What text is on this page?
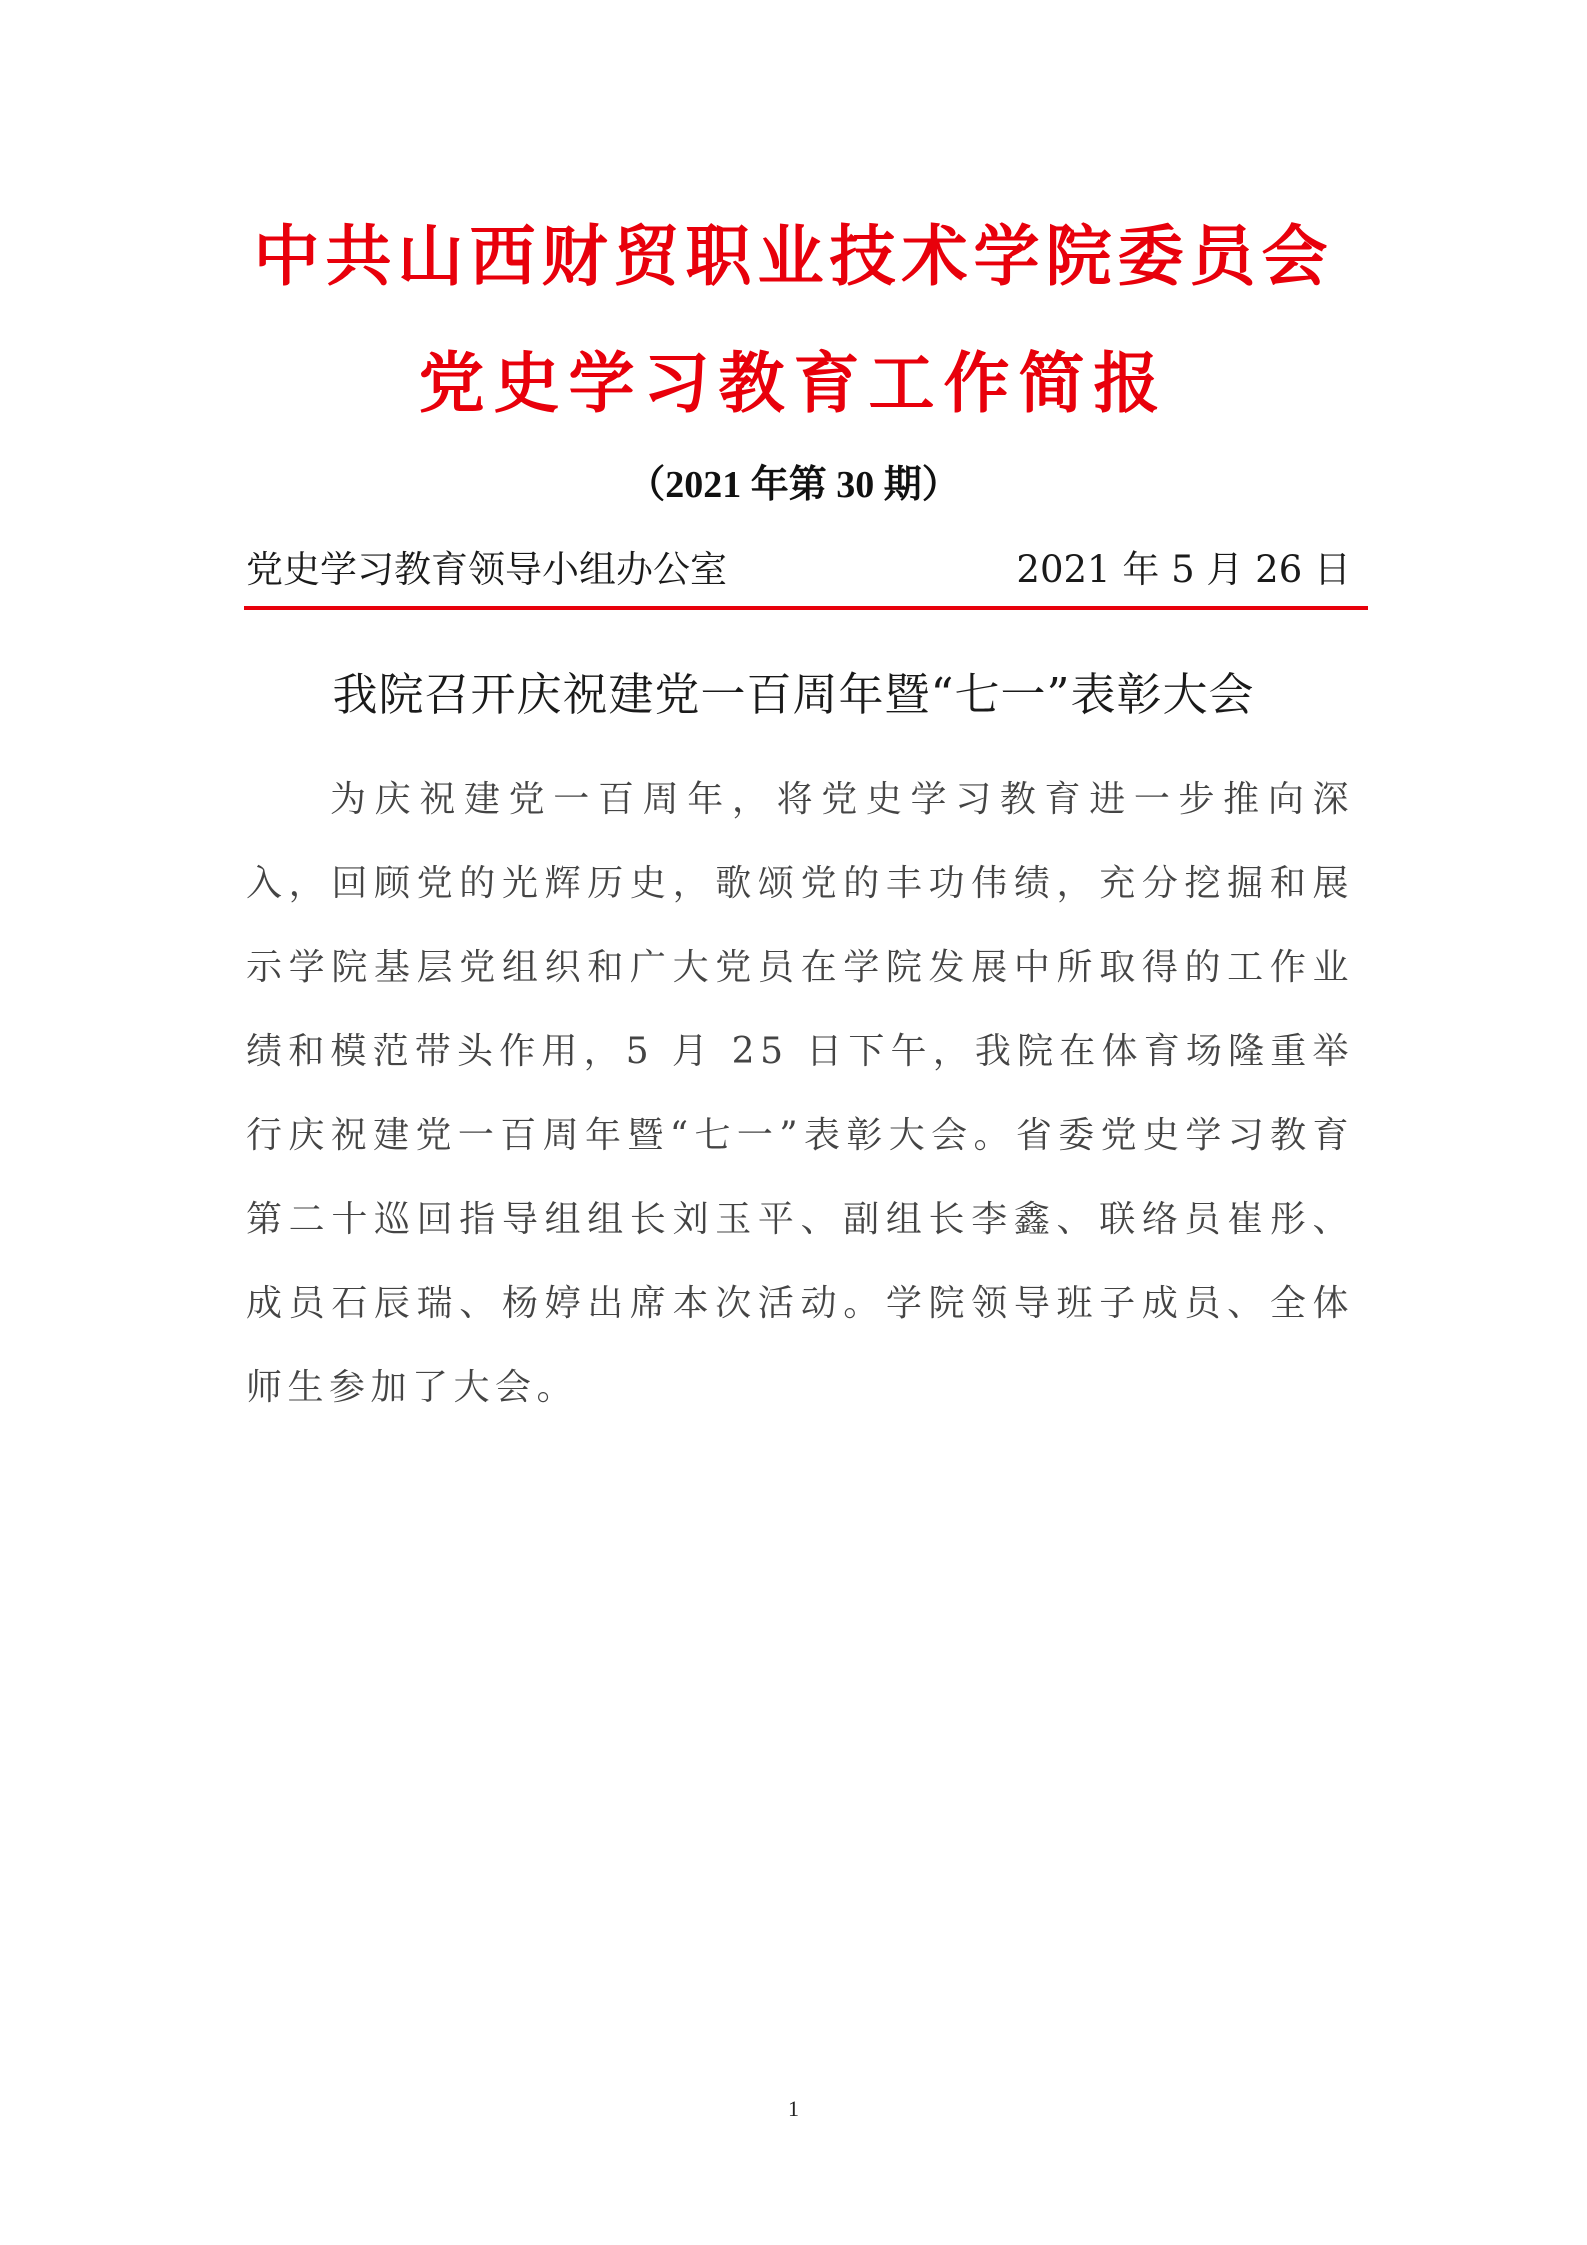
中共山西财贸职业技术学院委员会
党史学习教育工作简报
（2021 年第 30 期）
党史学习教育领导小组办公室	2021 年 5 月 26 日
我院召开庆祝建党一百周年暨“七一”表彰大会

为庆祝建党一百周年，将党史学习教育进一步推向深入，回顾党的光辉历史，歌颂党的丰功伟绩，充分挖掘和展示学院基层党组织和广大党员在学院发展中所取得的工作业绩和模范带头作用，5 月 25 日下午，我院在体育场隆重举行庆祝建党一百周年暨“七一”表彰大会。省委党史学习教育第二十巡回指导组组长刘玉平、副组长李鑫、联络员崔彤、成员石辰瑞、杨婷出席本次活动。学院领导班子成员、全体师生参加了大会。

1
